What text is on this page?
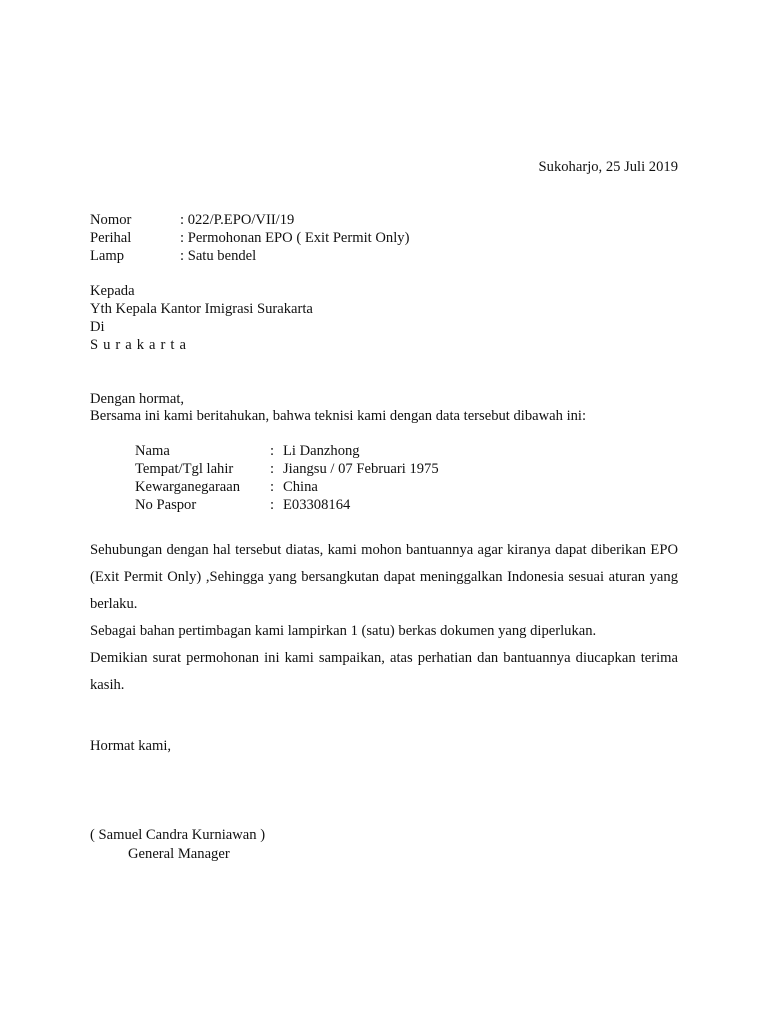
Sukoharjo, 25 Juli 2019
Nomor	: 022/P.EPO/VII/19
Perihal	: Permohonan EPO ( Exit Permit Only)
Lamp	: Satu bendel
Kepada
Yth Kepala Kantor Imigrasi Surakarta
Di
Surakarta
Dengan hormat,
Bersama ini kami beritahukan, bahwa teknisi kami dengan data tersebut dibawah ini:
Nama	: Li Danzhong
Tempat/Tgl lahir	: Jiangsu / 07 Februari 1975
Kewarganegaraan : China
No Paspor	: E03308164
Sehubungan dengan hal tersebut diatas, kami mohon bantuannya agar kiranya dapat diberikan EPO (Exit Permit Only) ,Sehingga yang bersangkutan dapat meninggalkan Indonesia sesuai aturan yang berlaku.
Sebagai bahan pertimbagan kami lampirkan 1 (satu) berkas dokumen yang diperlukan.
Demikian surat permohonan ini kami sampaikan, atas perhatian dan bantuannya diucapkan terima kasih.
Hormat kami,
( Samuel Candra Kurniawan )
General Manager
